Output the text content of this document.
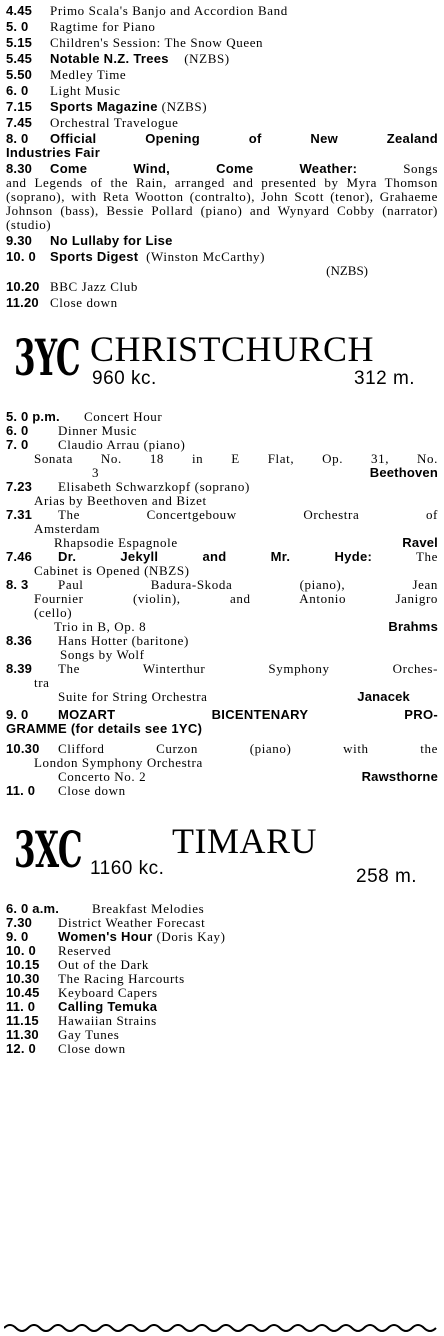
4.45	Primo Scala's Banjo and Accordion Band
5. 0	Ragtime for Piano
5.15	Children's Session: The Snow Queen
5.45	Notable N.Z. Trees (NZBS)
5.50	Medley Time
6. 0	Light Music
7.15	Sports Magazine (NZBS)
7.45	Orchestral Travelogue
8. 0	Official Opening of New Zealand
Industries Fair
8.30	Come Wind, Come Weather:	Songs
and Legends of the Rain, arranged and presented by Myra Thomson (soprano), with Reta Wootton (contralto), John Scott (tenor), Grahaeme Johnson (bass), Bessie Pollard (piano) and Wynyard Cobby (narrator) (studio)
9.30	No Lullaby for Lise
10. 0	Sports Digest (Winston McCarthy)
(NZBS)
10.20 BBC Jazz Club
11.20 Close down
3YC CHRISTCHURCH
960 kc.	312 m.
5. 0 p.m.	Concert Hour
6. 0	Dinner Music
7. 0	Claudio Arrau (piano)
Sonata No. 18 in E Flat, Op. 31, No.
3	Beethoven
7.23	Elisabeth Schwarzkopf (soprano)
Arias by Beethoven and Bizet
7.31	The Concertgebouw Orchestra of
Amsterdam
Rhapsodie Espagnole	Ravel
7.46	Dr. Jekyll and Mr. Hyde:	The
Cabinet is Opened (NBZS)
8. 3	Paul Badura-Skoda (piano), Jean
Fournier (violin), and Antonio Janigro
(cello)
Trio in B, Op. 8	Brahms
8.36	Hans Hotter (baritone)
Songs by Wolf
8.39	The Winterthur Symphony Orches-
tra
Suite for String Orchestra	Janacek
9. 0	MOZART BICENTENARY PRO-
GRAMME (for details see 1YC)
10.30	Clifford Curzon (piano) with the
London Symphony Orchestra
Concerto No. 2	Rawsthorne
11. 0	Close down
3XC	TIMARU
1160 kc.	258 m.
6. 0 a.m.	Breakfast Melodies
7.30	District Weather Forecast
9. 0	Women's Hour (Doris Kay)
10. 0	Reserved
10.15	Out of the Dark
10.30	The Racing Harcourts
10.45	Keyboard Capers
11. 0	Calling Temuka
11.15	Hawaiian Strains
11.30	Gay Tunes
12. 0	Close down
